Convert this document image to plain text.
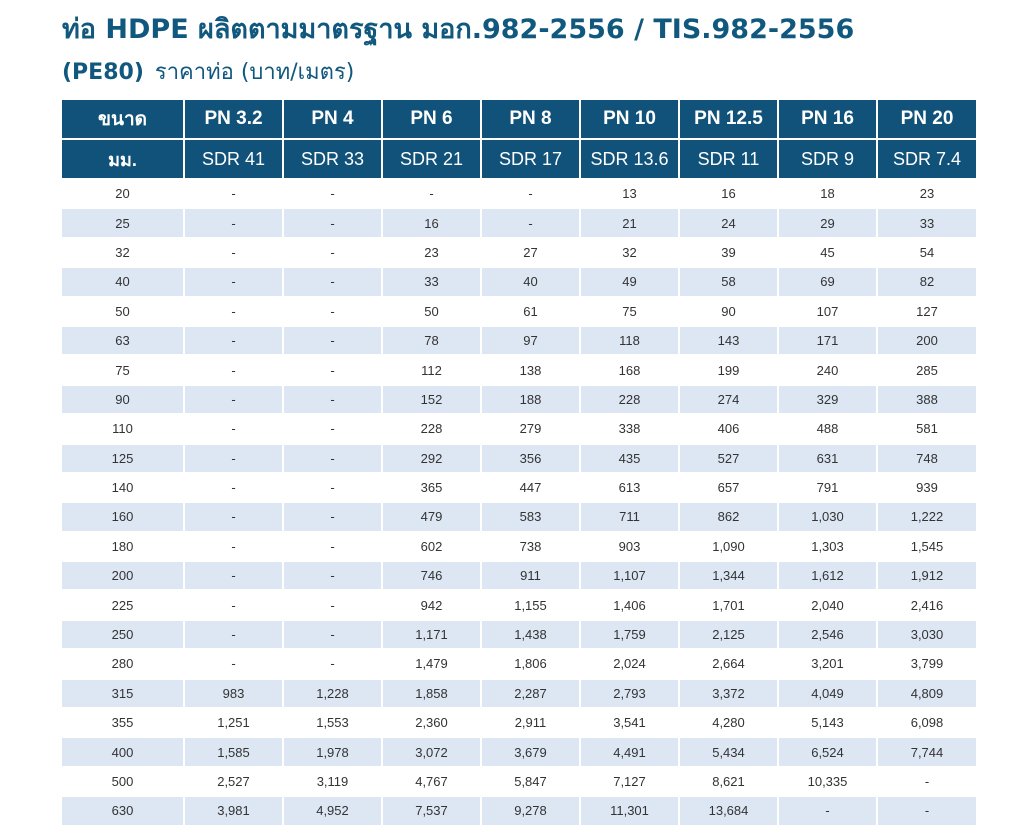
ท่อ HDPE ผลิตตามมาตรฐาน มอก.982-2556 / TIS.982-2556
(PE80) ราคาท่อ (บาท/เมตร)
ขนาด	PN 3.2	PN 4	PN 6	PN 8	PN 10	PN 12.5	PN 16	PN 20
มม.	SDR 41	SDR 33	SDR 21	SDR 17	SDR 13.6	SDR 11	SDR 9	SDR 7.4
20	-	-	-	-	13	16	18	23
25	-	-	16	-	21	24	29	33
32	-	-	23	27	32	39	45	54
40	-	-	33	40	49	58	69	82
50	-	-	50	61	75	90	107	127
63	-	-	78	97	118	143	171	200
75	-	-	112	138	168	199	240	285
90	-	-	152	188	228	274	329	388
110	-	-	228	279	338	406	488	581
125	-	-	292	356	435	527	631	748
140	-	-	365	447	613	657	791	939
160	-	-	479	583	711	862	1,030	1,222
180	-	-	602	738	903	1,090	1,303	1,545
200	-	-	746	911	1,107	1,344	1,612	1,912
225	-	-	942	1,155	1,406	1,701	2,040	2,416
250	-	-	1,171	1,438	1,759	2,125	2,546	3,030
280	-	-	1,479	1,806	2,024	2,664	3,201	3,799
315	983	1,228	1,858	2,287	2,793	3,372	4,049	4,809
355	1,251	1,553	2,360	2,911	3,541	4,280	5,143	6,098
400	1,585	1,978	3,072	3,679	4,491	5,434	6,524	7,744
500	2,527	3,119	4,767	5,847	7,127	8,621	10,335	-
630	3,981	4,952	7,537	9,278	11,301	13,684	-	-
